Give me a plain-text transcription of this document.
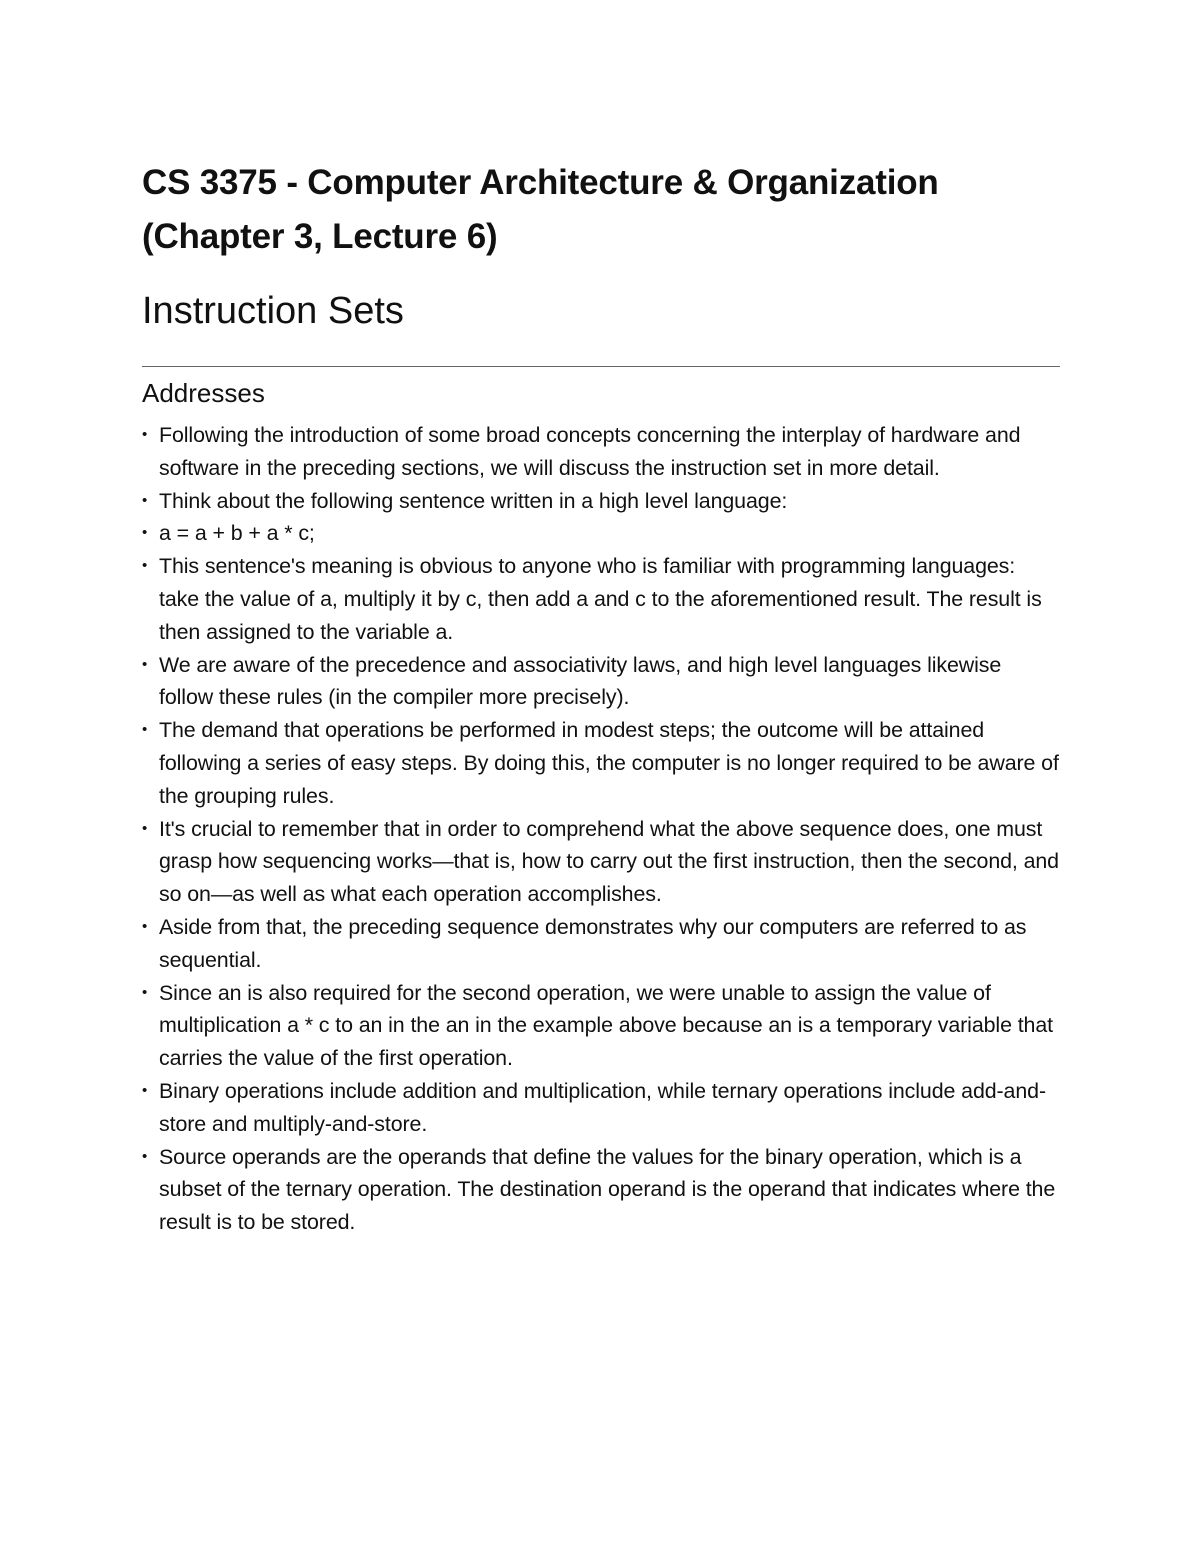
CS 3375 - Computer Architecture & Organization (Chapter 3, Lecture 6)
Instruction Sets
Addresses
• Following the introduction of some broad concepts concerning the interplay of hardware and software in the preceding sections, we will discuss the instruction set in more detail.
• Think about the following sentence written in a high level language:
• a = a + b + a * c;
• This sentence's meaning is obvious to anyone who is familiar with programming languages: take the value of a, multiply it by c, then add a and c to the aforementioned result. The result is then assigned to the variable a.
• We are aware of the precedence and associativity laws, and high level languages likewise follow these rules (in the compiler more precisely).
• The demand that operations be performed in modest steps; the outcome will be attained following a series of easy steps. By doing this, the computer is no longer required to be aware of the grouping rules.
• It's crucial to remember that in order to comprehend what the above sequence does, one must grasp how sequencing works—that is, how to carry out the first instruction, then the second, and so on—as well as what each operation accomplishes.
• Aside from that, the preceding sequence demonstrates why our computers are referred to as sequential.
• Since an is also required for the second operation, we were unable to assign the value of multiplication a * c to an in the an in the example above because an is a temporary variable that carries the value of the first operation.
• Binary operations include addition and multiplication, while ternary operations include add-and-store and multiply-and-store.
• Source operands are the operands that define the values for the binary operation, which is a subset of the ternary operation. The destination operand is the operand that indicates where the result is to be stored.
